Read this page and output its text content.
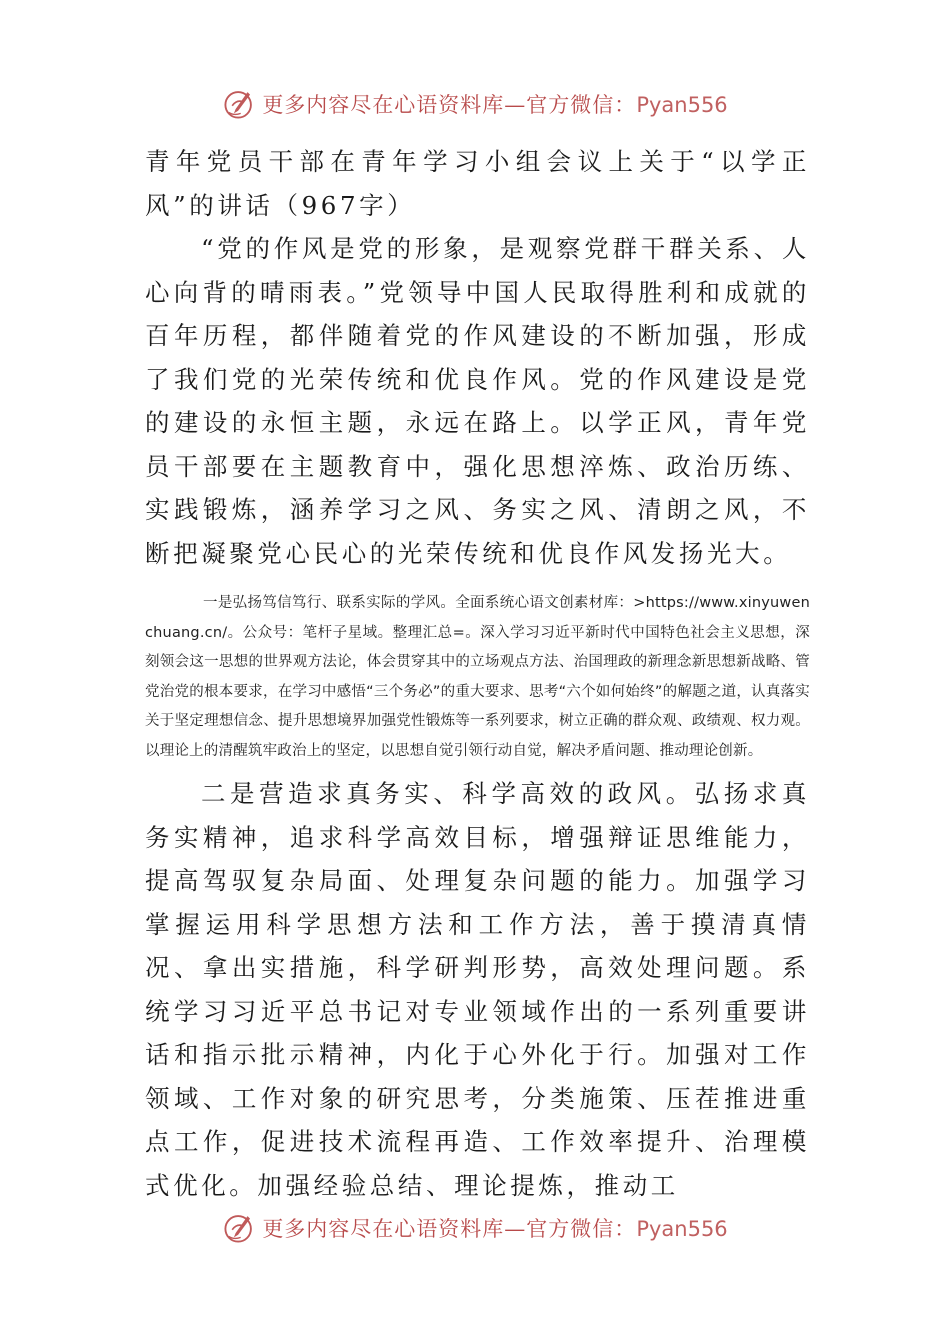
更多内容尽在心语资料库—官方微信：Pyan556

青年党员干部在青年学习小组会议上关于“以学正风”的讲话（967字）

“党的作风是党的形象，是观察党群干群关系、人心向背的晴雨表。”党领导中国人民取得胜利和成就的百年历程，都伴随着党的作风建设的不断加强，形成了我们党的光荣传统和优良作风。党的作风建设是党的建设的永恒主题，永远在路上。以学正风，青年党员干部要在主题教育中，强化思想淬炼、政治历练、实践锻炼，涵养学习之风、务实之风、清朗之风，不断把凝聚党心民心的光荣传统和优良作风发扬光大。

一是弘扬笃信笃行、联系实际的学风。全面系统心语文创素材库：>https://www.xinyuwenchuang.cn/。公众号：笔杆子星域。整理汇总=。深入学习习近平新时代中国特色社会主义思想，深刻领会这一思想的世界观方法论，体会贯穿其中的立场观点方法、治国理政的新理念新思想新战略、管党治党的根本要求，在学习中感悟“三个务必”的重大要求、思考“六个如何始终”的解题之道，认真落实关于坚定理想信念、提升思想境界加强党性锻炼等一系列要求，树立正确的群众观、政绩观、权力观。以理论上的清醒筑牢政治上的坚定，以思想自觉引领行动自觉，解决矛盾问题、推动理论创新。

二是营造求真务实、科学高效的政风。弘扬求真务实精神，追求科学高效目标，增强辩证思维能力，提高驾驭复杂局面、处理复杂问题的能力。加强学习掌握运用科学思想方法和工作方法，善于摸清真情况、拿出实措施，科学研判形势，高效处理问题。系统学习习近平总书记对专业领域作出的一系列重要讲话和指示批示精神，内化于心外化于行。加强对工作领域、工作对象的研究思考，分类施策、压茬推进重点工作，促进技术流程再造、工作效率提升、治理模式优化。加强经验总结、理论提炼，推动工

更多内容尽在心语资料库—官方微信：Pyan556
